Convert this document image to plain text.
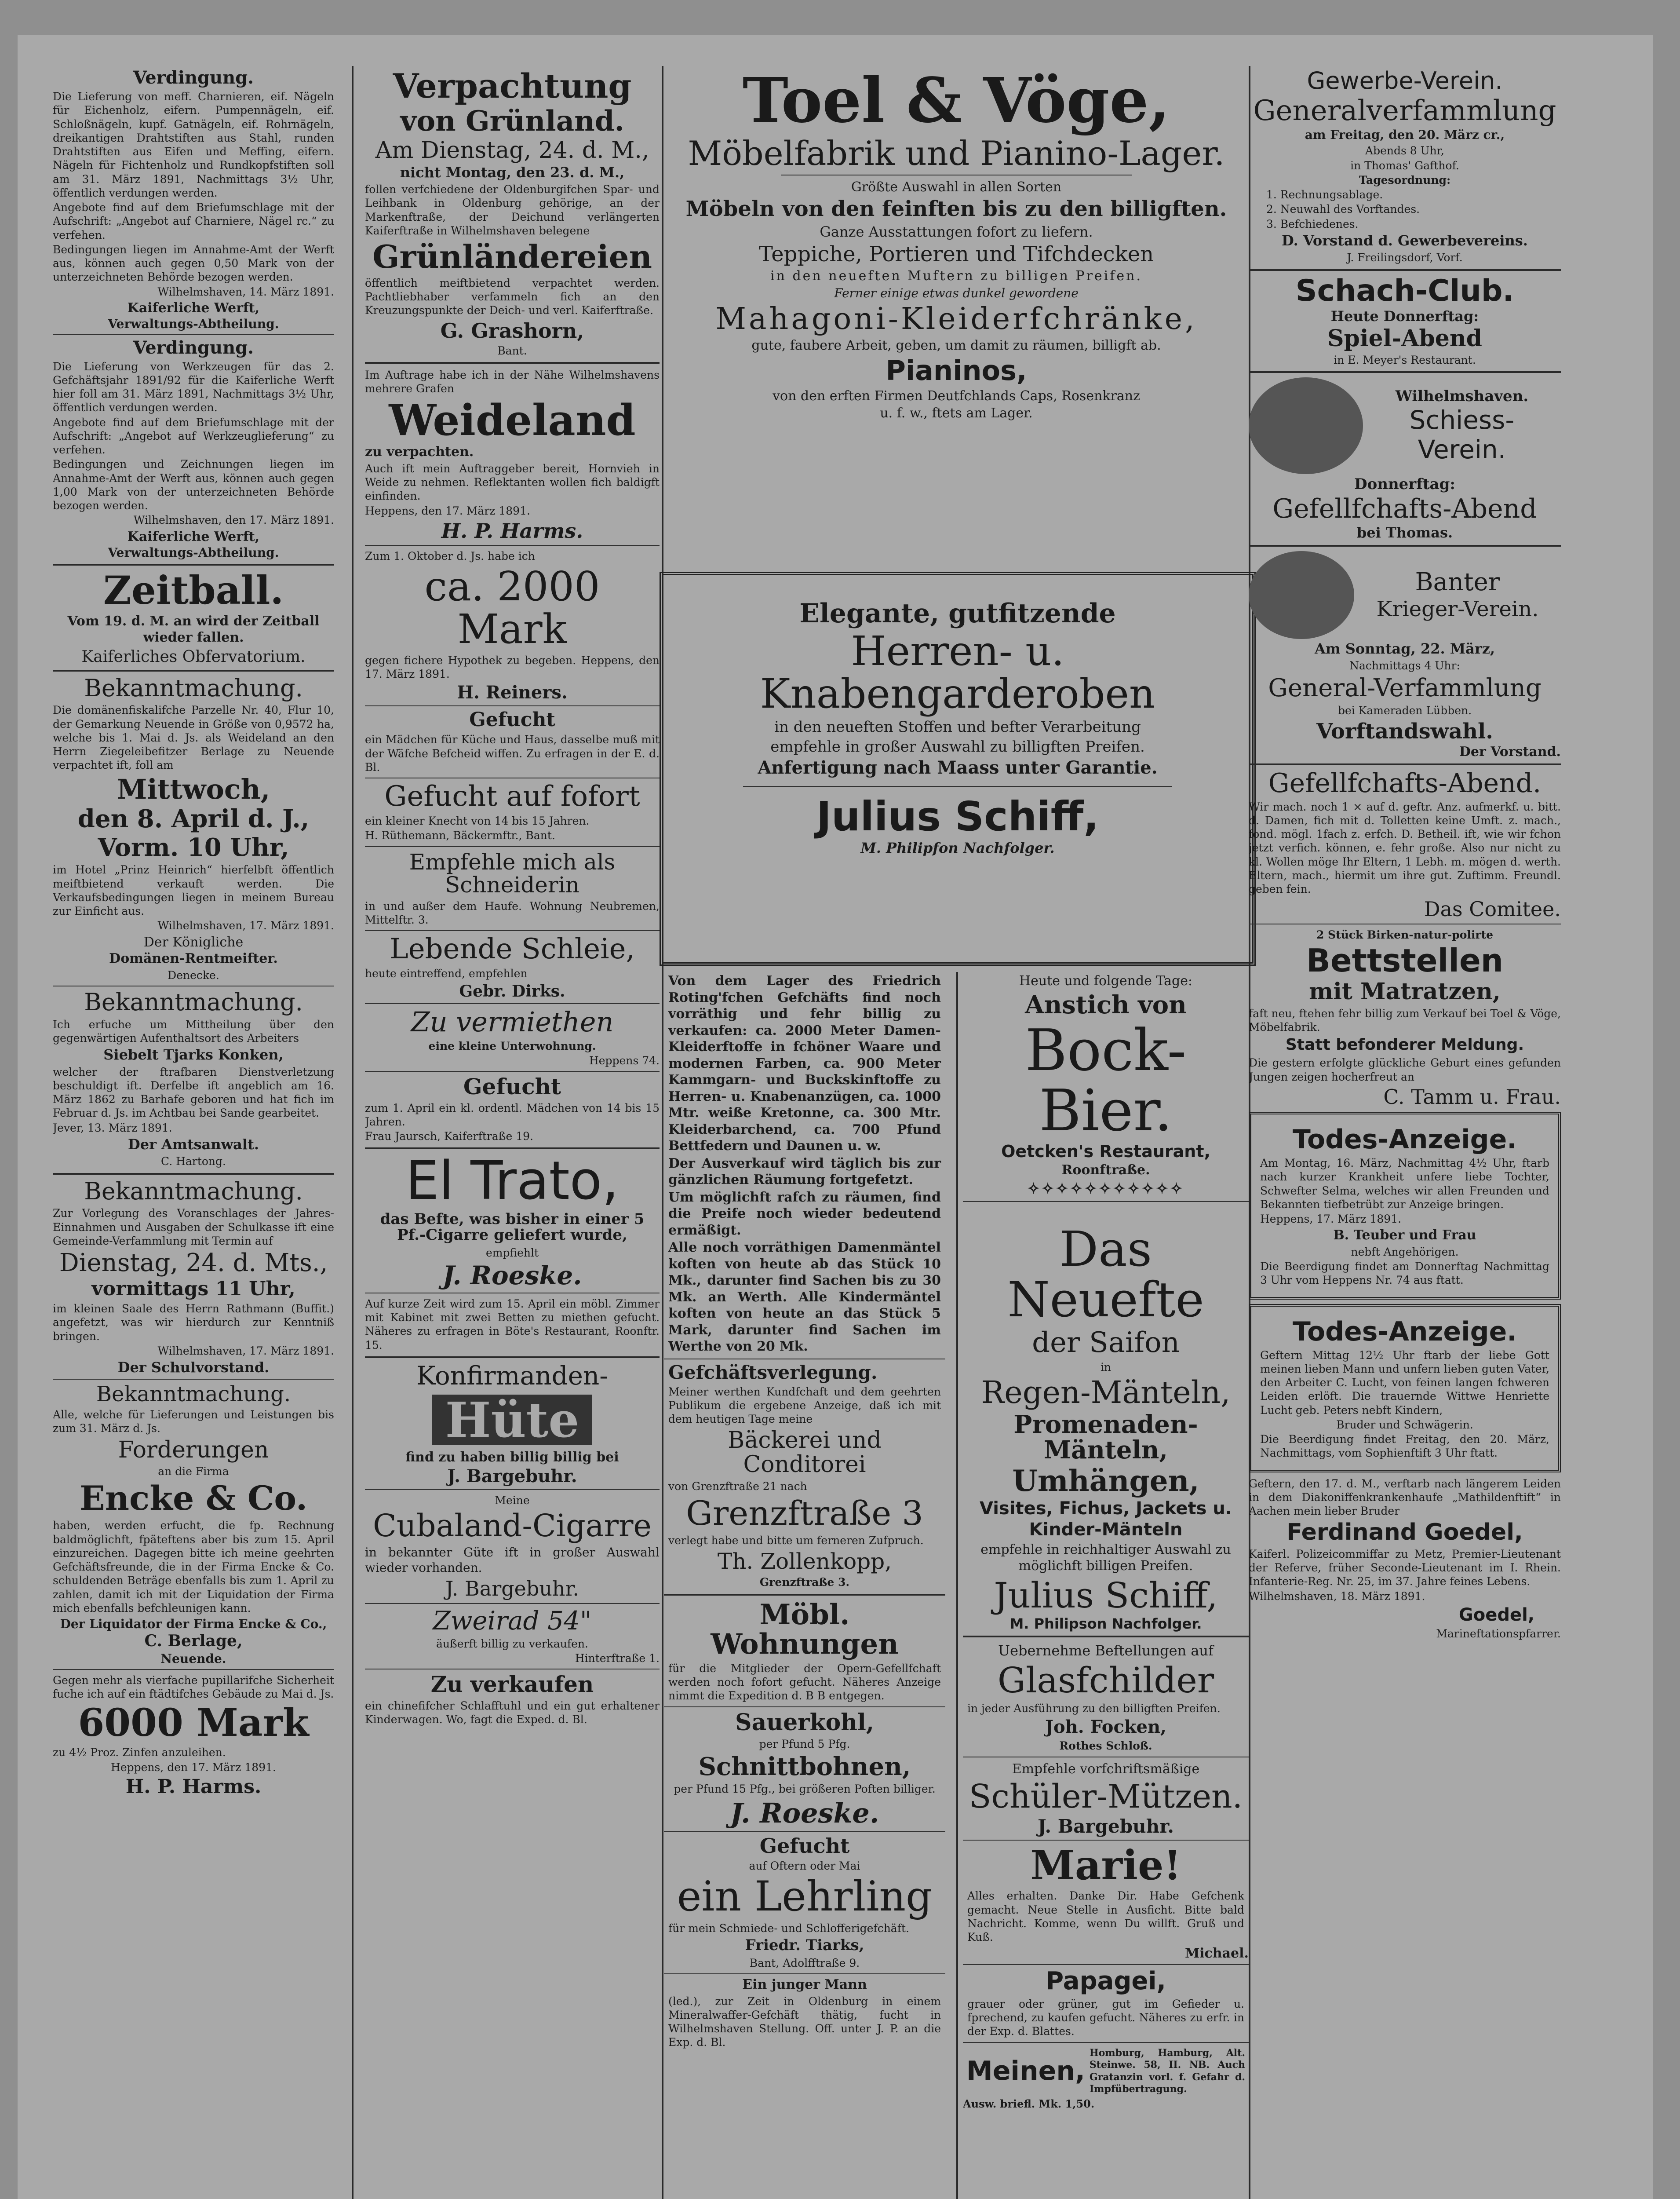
Verdingung.
Die Lieferung von meff. Charnieren, eif. Nägeln für Eichenholz, eifern. Pumpennägeln, eif. Schloßnägeln, kupf. Gatnägeln, eif. Rohrnägeln, dreikantigen Drahtstiften aus Stahl, runden Drahtstiften aus Eifen und Meffing, eifern. Nägeln für Fichtenholz und Rundkopfstiften soll am 31. März 1891, Nachmittags 3½ Uhr, öffentlich verdungen werden.
Angebote find auf dem Briefumschlage mit der Aufschrift: „Angebot auf Charniere, Nägel rc.“ zu verfehen.
Bedingungen liegen im Annahme-Amt der Werft aus, können auch gegen 0,50 Mark von der unterzeichneten Behörde bezogen werden.
Wilhelmshaven, 14. März 1891.
Kaiferliche Werft,
Verwaltungs-Abtheilung.
Verdingung.
Die Lieferung von Werkzeugen für das 2. Gefchäftsjahr 1891/92 für die Kaiferliche Werft hier foll am 31. März 1891, Nachmittags 3½ Uhr, öffentlich verdungen werden.
Angebote find auf dem Briefumschlage mit der Aufschrift: „Angebot auf Werkzeuglieferung“ zu verfehen.
Bedingungen und Zeichnungen liegen im Annahme-Amt der Werft aus, können auch gegen 1,00 Mark von der unterzeichneten Behörde bezogen werden.
Wilhelmshaven, den 17. März 1891.
Kaiferliche Werft,
Verwaltungs-Abtheilung.
Zeitball.
Vom 19. d. M. an wird der Zeitball wieder fallen.
Kaiferliches Obfervatorium.
Bekanntmachung.
Die domänenfiskalifche Parzelle Nr. 40, Flur 10, der Gemarkung Neuende in Größe von 0,9572 ha, welche bis 1. Mai d. Js. als Weideland an den Herrn Ziegeleibefitzer Berlage zu Neuende verpachtet ift, foll am
Mittwoch,
den 8. April d. J.,
Vorm. 10 Uhr,
im Hotel „Prinz Heinrich“ hierfelbft öffentlich meiftbietend verkauft werden. Die Verkaufsbedingungen liegen in meinem Bureau zur Einficht aus.
Wilhelmshaven, 17. März 1891.
Der Königliche
Domänen-Rentmeifter.
Denecke.
Bekanntmachung.
Ich erfuche um Mittheilung über den gegenwärtigen Aufenthaltsort des Arbeiters
Siebelt Tjarks Konken,
welcher der ftrafbaren Dienstverletzung beschuldigt ift. Derfelbe ift angeblich am 16. März 1862 zu Barhafe geboren und hat fich im Februar d. Js. im Achtbau bei Sande gearbeitet.
Jever, 13. März 1891.
Der Amtsanwalt.
C. Hartong.
Bekanntmachung.
Zur Vorlegung des Voranschlages der Jahres-Einnahmen und Ausgaben der Schulkasse ift eine Gemeinde-Verfammlung mit Termin auf
Dienstag, 24. d. Mts.,
vormittags 11 Uhr,
im kleinen Saale des Herrn Rathmann (Buffit.) angefetzt, was wir hierdurch zur Kenntniß bringen.
Wilhelmshaven, 17. März 1891.
Der Schulvorstand.
Bekanntmachung.
Alle, welche für Lieferungen und Leistungen bis zum 31. März d. Js.
Forderungen
an die Firma
Encke & Co.
haben, werden erfucht, die fp. Rechnung baldmöglichft, fpäteftens aber bis zum 15. April einzureichen. Dagegen bitte ich meine geehrten Gefchäftsfreunde, die in der Firma Encke & Co. schuldenden Beträge ebenfalls bis zum 1. April zu zahlen, damit ich mit der Liquidation der Firma mich ebenfalls befchleunigen kann.
Der Liquidator der Firma Encke & Co.,
C. Berlage,
Neuende.
Gegen mehr als vierfache pupillarifche Sicherheit fuche ich auf ein ftädtifches Gebäude zu Mai d. Js.
6000 Mark
zu 4½ Proz. Zinfen anzuleihen.
Heppens, den 17. März 1891.
H. P. Harms.
Verpachtung
von Grünland.
Am Dienstag, 24. d. M.,
nicht Montag, den 23. d. M.,
follen verfchiedene der Oldenburgifchen Spar- und Leihbank in Oldenburg gehörige, an der Markenftraße, der Deichund verlängerten Kaiferftraße in Wilhelmshaven belegene
Grünländereien
öffentlich meiftbietend verpachtet werden. Pachtliebhaber verfammeln fich an den Kreuzungspunkte der Deich- und verl. Kaiferftraße.
G. Grashorn,
Bant.
Im Auftrage habe ich in der Nähe Wilhelmshavens mehrere Grafen
Weideland
zu verpachten.
Auch ift mein Auftraggeber bereit, Hornvieh in Weide zu nehmen. Reflektanten wollen fich baldigft einfinden.
Heppens, den 17. März 1891.
H. P. Harms.
Zum 1. Oktober d. Js. habe ich
ca. 2000 Mark
gegen fichere Hypothek zu begeben. Heppens, den 17. März 1891.
H. Reiners.
Gefucht
ein Mädchen für Küche und Haus, dasselbe muß mit der Wäfche Befcheid wiffen. Zu erfragen in der E. d. Bl.
Gefucht auf fofort
ein kleiner Knecht von 14 bis 15 Jahren.
H. Rüthemann, Bäckermftr., Bant.
Empfehle mich als Schneiderin
in und außer dem Haufe. Wohnung Neubremen, Mittelftr. 3.
Lebende Schleie,
heute eintreffend, empfehlen
Gebr. Dirks.
Zu vermiethen
eine kleine Unterwohnung.
Heppens 74.
Gefucht
zum 1. April ein kl. ordentl. Mädchen von 14 bis 15 Jahren.
Frau Jaursch, Kaiferftraße 19.
El Trato,
das Befte, was bisher in einer 5 Pf.-Cigarre geliefert wurde,
empfiehlt
J. Roeske.
Auf kurze Zeit wird zum 15. April ein möbl. Zimmer mit Kabinet mit zwei Betten zu miethen gefucht. Näheres zu erfragen in Böte's Restaurant, Roonftr. 15.
Konfirmanden-
Hüte
find zu haben billig billig bei
J. Bargebuhr.
Meine
Cubaland-Cigarre
in bekannter Güte ift in großer Auswahl wieder vorhanden.
J. Bargebuhr.
Zweirad 54"
äußerft billig zu verkaufen.
Hinterftraße 1.
Zu verkaufen
ein chinefifcher Schlafftuhl und ein gut erhaltener Kinderwagen. Wo, fagt die Exped. d. Bl.
Toel & Vöge,
Möbelfabrik und Pianino-Lager.
Größte Auswahl in allen Sorten
Möbeln von den feinften bis zu den billigften.
Ganze Ausstattungen fofort zu liefern.
Teppiche, Portieren und Tifchdecken
in den neueften Muftern zu billigen Preifen.
Ferner einige etwas dunkel gewordene
Mahagoni-Kleiderfchränke,
gute, faubere Arbeit, geben, um damit zu räumen, billigft ab.
Pianinos,
von den erften Firmen Deutfchlands Caps, Rosenkranz
u. f. w., ftets am Lager.
Elegante, gutfitzende
Herren- u. Knabengarderoben
in den neueften Stoffen und befter Verarbeitung
empfehle in großer Auswahl zu billigften Preifen.
Anfertigung nach Maass unter Garantie.
Julius Schiff,
M. Philipfon Nachfolger.
Von dem Lager des Friedrich Roting'fchen Gefchäfts find noch vorräthig und fehr billig zu verkaufen: ca. 2000 Meter Damen-Kleiderftoffe in fchöner Waare und modernen Farben, ca. 900 Meter Kammgarn- und Buckskinftoffe zu Herren- u. Knabenanzügen, ca. 1000 Mtr. weiße Kretonne, ca. 300 Mtr. Kleiderbarchend, ca. 700 Pfund Bettfedern und Daunen u. w.
Der Ausverkauf wird täglich bis zur gänzlichen Räumung fortgefetzt.
Um möglichft rafch zu räumen, find die Preife noch wieder bedeutend ermäßigt.
Alle noch vorräthigen Damenmäntel koften von heute ab das Stück 10 Mk., darunter find Sachen bis zu 30 Mk. an Werth. Alle Kindermäntel koften von heute an das Stück 5 Mark, darunter find Sachen im Werthe von 20 Mk.
Gefchäftsverlegung.
Meiner werthen Kundfchaft und dem geehrten Publikum die ergebene Anzeige, daß ich mit dem heutigen Tage meine
Bäckerei und Conditorei
von Grenzftraße 21 nach
Grenzftraße 3
verlegt habe und bitte um ferneren Zufpruch.
Th. Zollenkopp,
Grenzftraße 3.
Möbl. Wohnungen
für die Mitglieder der Opern-Gefellfchaft werden noch fofort gefucht. Näheres Anzeige nimmt die Expedition d. B B entgegen.
Sauerkohl,
per Pfund 5 Pfg.
Schnittbohnen,
per Pfund 15 Pfg., bei größeren Poften billiger.
J. Roeske.
Gefucht
auf Oftern oder Mai
ein Lehrling
für mein Schmiede- und Schlofferigefchäft.
Friedr. Tiarks,
Bant, Adolfftraße 9.
Ein junger Mann
(led.), zur Zeit in Oldenburg in einem Mineralwaffer-Gefchäft thätig, fucht in Wilhelmshaven Stellung. Off. unter J. P. an die Exp. d. Bl.
Heute und folgende Tage:
Anstich von
Bock-Bier.
Oetcken's Restaurant,
Roonftraße.
✧✧✧✧✧✧✧✧✧✧✧
Das Neuefte
der Saifon
in
Regen-Mänteln,
Promenaden-Mänteln,
Umhängen,
Visites, Fichus, Jackets u.
Kinder-Mänteln
empfehle in reichhaltiger Auswahl zu möglichft billigen Preifen.
Julius Schiff,
M. Philipson Nachfolger.
Uebernehme Beftellungen auf
Glasfchilder
in jeder Ausführung zu den billigften Preifen.
Joh. Focken,
Rothes Schloß.
Empfehle vorfchriftsmäßige
Schüler-Mützen.
J. Bargebuhr.
Marie!
Alles erhalten. Danke Dir. Habe Gefchenk gemacht. Neue Stelle in Ausficht. Bitte bald Nachricht. Komme, wenn Du willft. Gruß und Kuß.
Michael.
Papagei,
grauer oder grüner, gut im Gefieder u. fprechend, zu kaufen gefucht. Näheres zu erfr. in der Exp. d. Blattes.
Meinen,
Homburg, Hamburg, Alt. Steinwe. 58, II. NB. Auch Gratanzin vorl. f. Gefahr d. Impfübertragung.
Ausw. briefl. Mk. 1,50.
Gewerbe-Verein.
Generalverfammlung
am Freitag, den 20. März cr.,
Abends 8 Uhr,
in Thomas' Gafthof.
Tagesordnung:
1. Rechnungsablage.
2. Neuwahl des Vorftandes.
3. Befchiedenes.
D. Vorstand d. Gewerbevereins.
J. Freilingsdorf, Vorf.
Schach-Club.
Heute Donnerftag:
Spiel-Abend
in E. Meyer's Restaurant.
Wilhelmshaven.
Schiess-
Verein.
Donnerftag:
Gefellfchafts-Abend
bei Thomas.
Banter
Krieger-Verein.
Am Sonntag, 22. März,
Nachmittags 4 Uhr:
General-Verfammlung
bei Kameraden Lübben.
Vorftandswahl.
Der Vorstand.
Gefellfchafts-Abend.
Wir mach. noch 1 × auf d. geftr. Anz. aufmerkf. u. bitt. d. Damen, fich mit d. Tolletten keine Umft. z. mach., fond. mögl. 1fach z. erfch. D. Betheil. ift, wie wir fchon jetzt verfich. können, e. fehr große. Also nur nicht zu kl. Wollen möge Ihr Eltern, 1 Lebh. m. mögen d. werth. Eltern, mach., hiermit um ihre gut. Zuftimm. Freundl. geben fein.
Das Comitee.
2 Stück Birken-natur-polirte
Bettstellen
mit Matratzen,
faft neu, ftehen fehr billig zum Verkauf bei Toel & Vöge, Möbelfabrik.
Statt befonderer Meldung.
Die gestern erfolgte glückliche Geburt eines gefunden Jungen zeigen hocherfreut an
C. Tamm u. Frau.
Todes-Anzeige.
Am Montag, 16. März, Nachmittag 4½ Uhr, ftarb nach kurzer Krankheit unfere liebe Tochter, Schwefter Selma, welches wir allen Freunden und Bekannten tiefbetrübt zur Anzeige bringen.
Heppens, 17. März 1891.
B. Teuber und Frau
nebft Angehörigen.
Die Beerdigung findet am Donnerftag Nachmittag 3 Uhr vom Heppens Nr. 74 aus ftatt.
Todes-Anzeige.
Geftern Mittag 12½ Uhr ftarb der liebe Gott meinen lieben Mann und unfern lieben guten Vater, den Arbeiter C. Lucht, von feinen langen fchweren Leiden erlöft. Die trauernde Wittwe Henriette Lucht geb. Peters nebft Kindern,
Bruder und Schwägerin.
Die Beerdigung findet Freitag, den 20. März, Nachmittags, vom Sophienftift 3 Uhr ftatt.
Geftern, den 17. d. M., verftarb nach längerem Leiden in dem Diakoniffenkrankenhaufe „Mathildenftift“ in Aachen mein lieber Bruder
Ferdinand Goedel,
Kaiferl. Polizeicommiffar zu Metz, Premier-Lieutenant der Referve, früher Seconde-Lieutenant im I. Rhein. Infanterie-Reg. Nr. 25, im 37. Jahre feines Lebens.
Wilhelmshaven, 18. März 1891.
Goedel,
Marineftationspfarrer.
